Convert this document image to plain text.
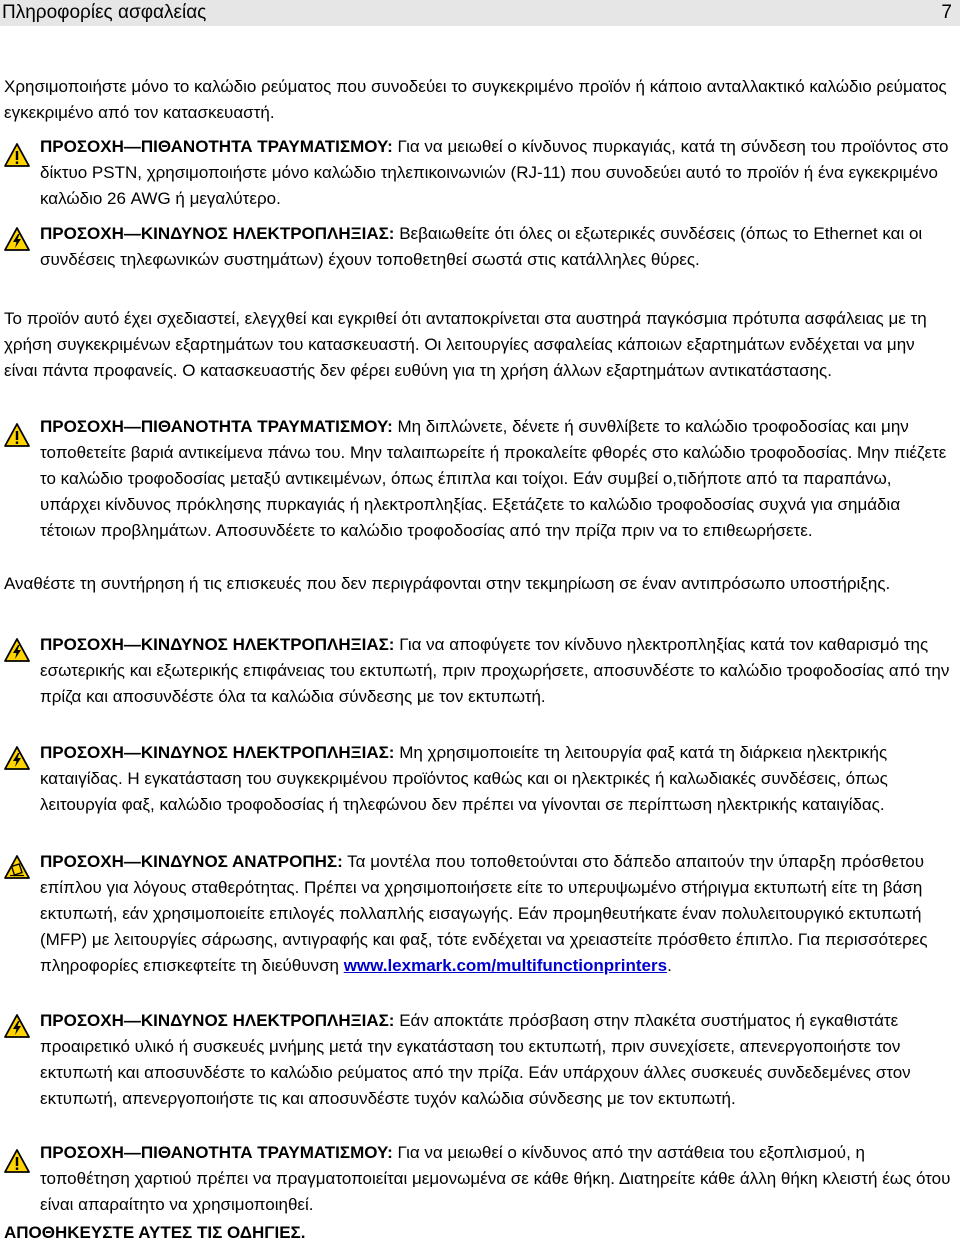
Πληροφορίες ασφαλείας	7
Χρησιμοποιήστε μόνο το καλώδιο ρεύματος που συνοδεύει το συγκεκριμένο προϊόν ή κάποιο ανταλλακτικό καλώδιο ρεύματος εγκεκριμένο από τον κατασκευαστή.
ΠΡΟΣΟΧΗ—ΠΙΘΑΝΟΤΗΤΑ ΤΡΑΥΜΑΤΙΣΜΟΥ: Για να μειωθεί ο κίνδυνος πυρκαγιάς, κατά τη σύνδεση του προϊόντος στο δίκτυο PSTN, χρησιμοποιήστε μόνο καλώδιο τηλεπικοινωνιών (RJ-11) που συνοδεύει αυτό το προϊόν ή ένα εγκεκριμένο καλώδιο 26 AWG ή μεγαλύτερο.
ΠΡΟΣΟΧΗ—ΚΙΝΔΥΝΟΣ ΗΛΕΚΤΡΟΠΛΗΞΙΑΣ: Βεβαιωθείτε ότι όλες οι εξωτερικές συνδέσεις (όπως το Ethernet και οι συνδέσεις τηλεφωνικών συστημάτων) έχουν τοποθετηθεί σωστά στις κατάλληλες θύρες.
Το προϊόν αυτό έχει σχεδιαστεί, ελεγχθεί και εγκριθεί ότι ανταποκρίνεται στα αυστηρά παγκόσμια πρότυπα ασφάλειας με τη χρήση συγκεκριμένων εξαρτημάτων του κατασκευαστή. Οι λειτουργίες ασφαλείας κάποιων εξαρτημάτων ενδέχεται να μην είναι πάντα προφανείς. Ο κατασκευαστής δεν φέρει ευθύνη για τη χρήση άλλων εξαρτημάτων αντικατάστασης.
ΠΡΟΣΟΧΗ—ΠΙΘΑΝΟΤΗΤΑ ΤΡΑΥΜΑΤΙΣΜΟΥ: Μη διπλώνετε, δένετε ή συνθλίβετε το καλώδιο τροφοδοσίας και μην τοποθετείτε βαριά αντικείμενα πάνω του. Μην ταλαιπωρείτε ή προκαλείτε φθορές στο καλώδιο τροφοδοσίας. Μην πιέζετε το καλώδιο τροφοδοσίας μεταξύ αντικειμένων, όπως έπιπλα και τοίχοι. Εάν συμβεί ο,τιδήποτε από τα παραπάνω, υπάρχει κίνδυνος πρόκλησης πυρκαγιάς ή ηλεκτροπληξίας. Εξετάζετε το καλώδιο τροφοδοσίας συχνά για σημάδια τέτοιων προβλημάτων. Αποσυνδέετε το καλώδιο τροφοδοσίας από την πρίζα πριν να το επιθεωρήσετε.
Αναθέστε τη συντήρηση ή τις επισκευές που δεν περιγράφονται στην τεκμηρίωση σε έναν αντιπρόσωπο υποστήριξης.
ΠΡΟΣΟΧΗ—ΚΙΝΔΥΝΟΣ ΗΛΕΚΤΡΟΠΛΗΞΙΑΣ: Για να αποφύγετε τον κίνδυνο ηλεκτροπληξίας κατά τον καθαρισμό της εσωτερικής και εξωτερικής επιφάνειας του εκτυπωτή, πριν προχωρήσετε, αποσυνδέστε το καλώδιο τροφοδοσίας από την πρίζα και αποσυνδέστε όλα τα καλώδια σύνδεσης με τον εκτυπωτή.
ΠΡΟΣΟΧΗ—ΚΙΝΔΥΝΟΣ ΗΛΕΚΤΡΟΠΛΗΞΙΑΣ: Μη χρησιμοποιείτε τη λειτουργία φαξ κατά τη διάρκεια ηλεκτρικής καταιγίδας. Η εγκατάσταση του συγκεκριμένου προϊόντος καθώς και οι ηλεκτρικές ή καλωδιακές συνδέσεις, όπως λειτουργία φαξ, καλώδιο τροφοδοσίας ή τηλεφώνου δεν πρέπει να γίνονται σε περίπτωση ηλεκτρικής καταιγίδας.
ΠΡΟΣΟΧΗ—ΚΙΝΔΥΝΟΣ ΑΝΑΤΡΟΠΗΣ: Τα μοντέλα που τοποθετούνται στο δάπεδο απαιτούν την ύπαρξη πρόσθετου επίπλου για λόγους σταθερότητας. Πρέπει να χρησιμοποιήσετε είτε το υπερυψωμένο στήριγμα εκτυπωτή είτε τη βάση εκτυπωτή, εάν χρησιμοποιείτε επιλογές πολλαπλής εισαγωγής. Εάν προμηθευτήκατε έναν πολυλειτουργικό εκτυπωτή (MFP) με λειτουργίες σάρωσης, αντιγραφής και φαξ, τότε ενδέχεται να χρειαστείτε πρόσθετο έπιπλο. Για περισσότερες πληροφορίες επισκεφτείτε τη διεύθυνση www.lexmark.com/multifunctionprinters.
ΠΡΟΣΟΧΗ—ΚΙΝΔΥΝΟΣ ΗΛΕΚΤΡΟΠΛΗΞΙΑΣ: Εάν αποκτάτε πρόσβαση στην πλακέτα συστήματος ή εγκαθιστάτε προαιρετικό υλικό ή συσκευές μνήμης μετά την εγκατάσταση του εκτυπωτή, πριν συνεχίσετε, απενεργοποιήστε τον εκτυπωτή και αποσυνδέστε το καλώδιο ρεύματος από την πρίζα. Εάν υπάρχουν άλλες συσκευές συνδεδεμένες στον εκτυπωτή, απενεργοποιήστε τις και αποσυνδέστε τυχόν καλώδια σύνδεσης με τον εκτυπωτή.
ΠΡΟΣΟΧΗ—ΠΙΘΑΝΟΤΗΤΑ ΤΡΑΥΜΑΤΙΣΜΟΥ: Για να μειωθεί ο κίνδυνος από την αστάθεια του εξοπλισμού, η τοποθέτηση χαρτιού πρέπει να πραγματοποιείται μεμονωμένα σε κάθε θήκη. Διατηρείτε κάθε άλλη θήκη κλειστή έως ότου είναι απαραίτητο να χρησιμοποιηθεί.
ΑΠΟΘΗΚΕΥΣΤΕ ΑΥΤΕΣ ΤΙΣ ΟΔΗΓΙΕΣ.
